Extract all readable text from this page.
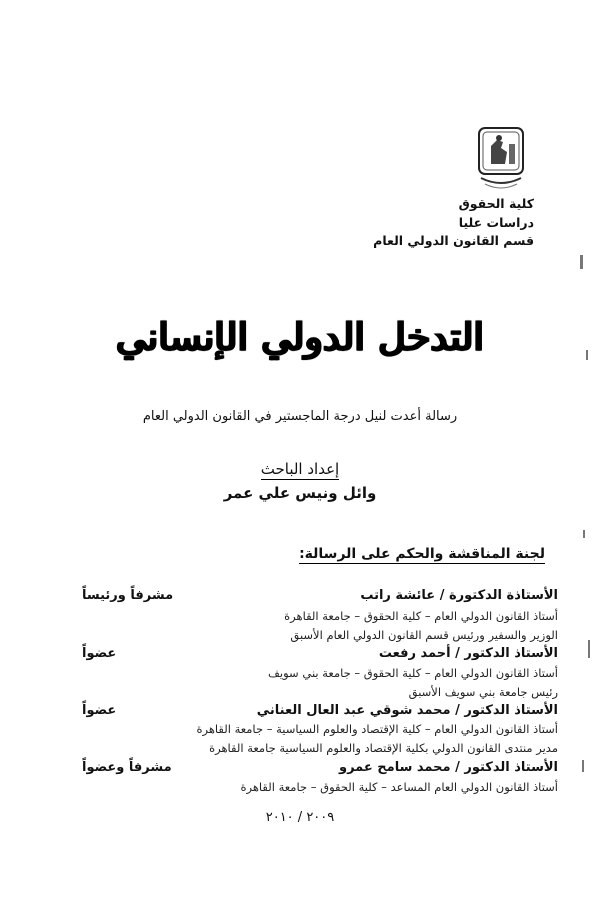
كلية الحقوق
دراسات عليا
قسم القانون الدولي العام
التدخل الدولي الإنساني
رسالة أعدت لنيل درجة الماجستير في القانون الدولي العام
إعداد الباحث
وائل ونيس علي عمر
لجنة المناقشة والحكم على الرسالة:
الأستاذة الدكتورة / عائشة راتب
مشرفاً ورئيساً
أستاذ القانون الدولي العام – كلية الحقوق – جامعة القاهرة
الوزير والسفير ورئيس قسم القانون الدولي العام الأسبق
الأستاذ الدكتور / أحمد رفعت
عضواً
أستاذ القانون الدولي العام – كلية الحقوق – جامعة بني سويف
رئيس جامعة بني سويف الأسبق
الأستاذ الدكتور / محمد شوقي عبد العال العناني
عضواً
أستاذ القانون الدولي العام – كلية الإقتصاد والعلوم السياسية – جامعة القاهرة
مدير منتدى القانون الدولي بكلية الإقتصاد والعلوم السياسية جامعة القاهرة
الأستاذ الدكتور / محمد سامح عمرو
مشرفاً وعضواً
أستاذ القانون الدولي العام المساعد – كلية الحقوق – جامعة القاهرة
٢٠٠٩ / ٢٠١٠
